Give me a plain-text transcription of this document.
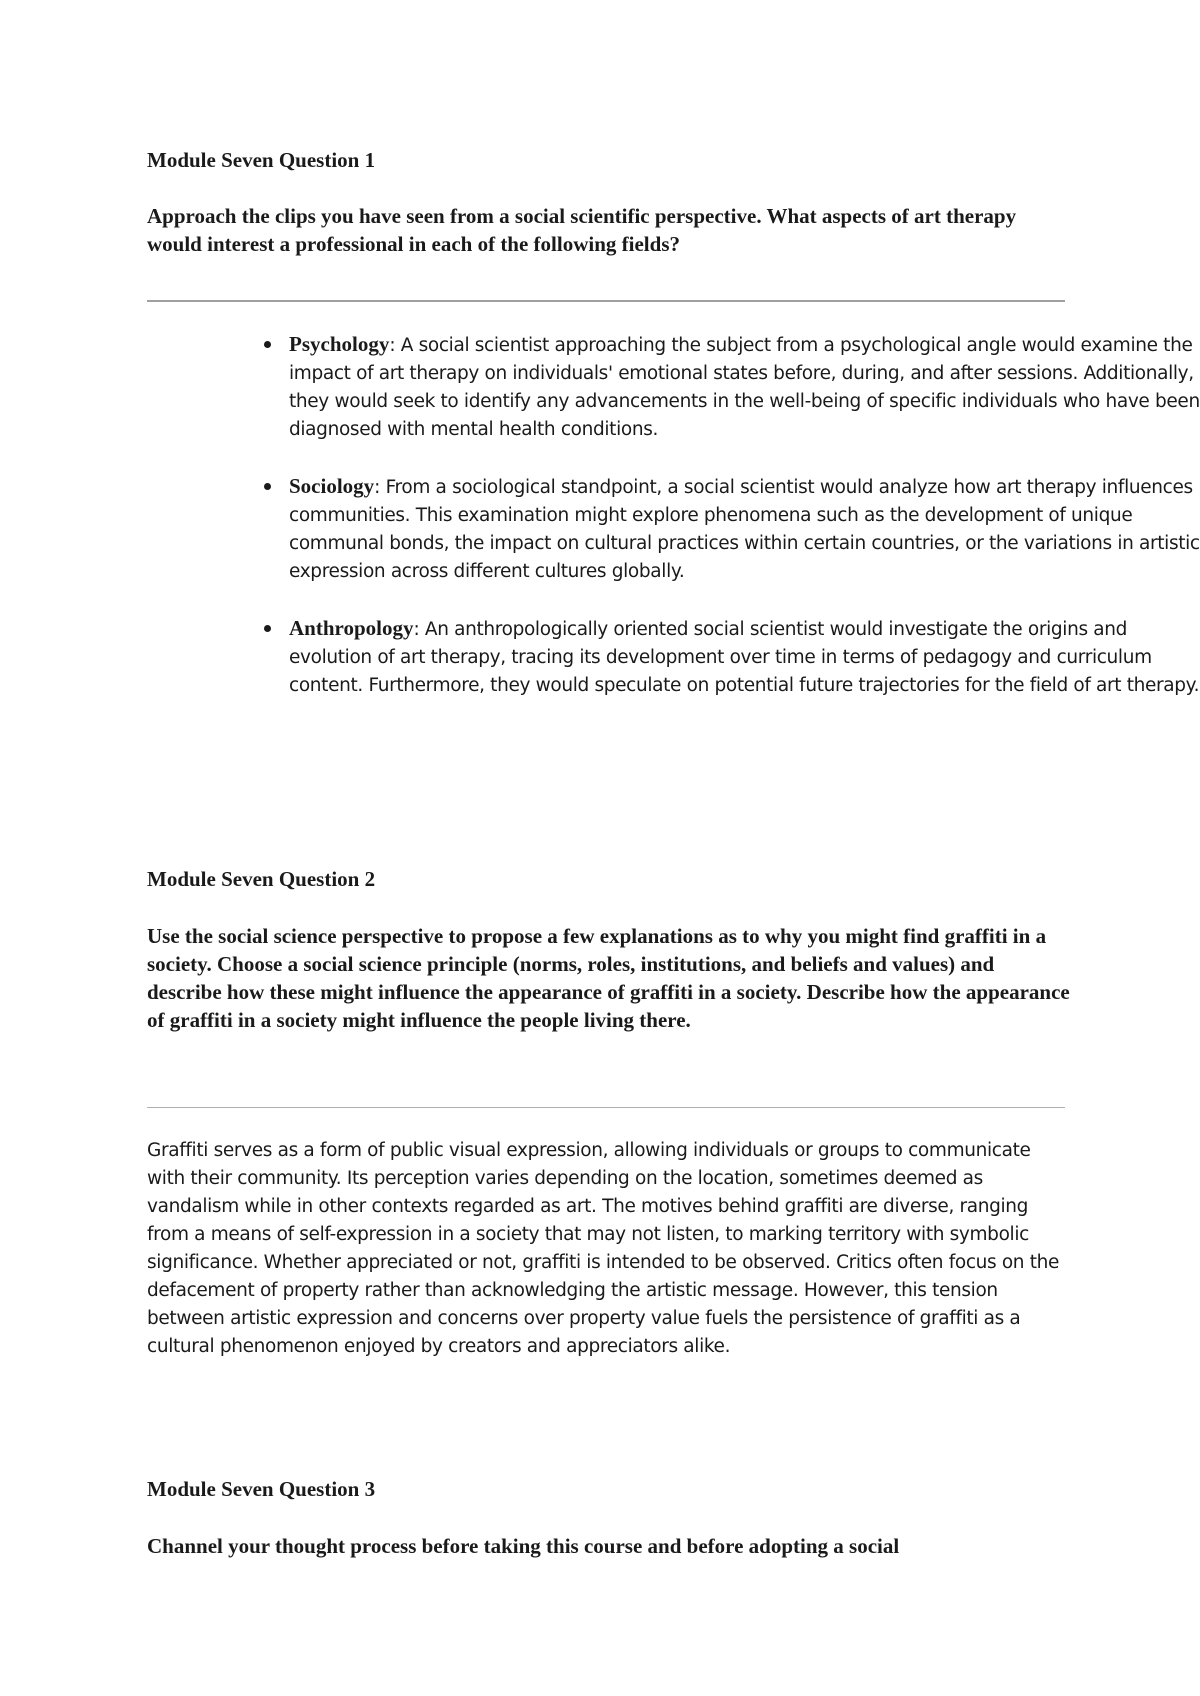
Module Seven Question 1
Approach the clips you have seen from a social scientific perspective. What aspects of art therapy would interest a professional in each of the following fields?
Psychology: A social scientist approaching the subject from a psychological angle would examine the impact of art therapy on individuals' emotional states before, during, and after sessions. Additionally, they would seek to identify any advancements in the well-being of specific individuals who have been diagnosed with mental health conditions.
Sociology: From a sociological standpoint, a social scientist would analyze how art therapy influences communities. This examination might explore phenomena such as the development of unique communal bonds, the impact on cultural practices within certain countries, or the variations in artistic expression across different cultures globally.
Anthropology: An anthropologically oriented social scientist would investigate the origins and evolution of art therapy, tracing its development over time in terms of pedagogy and curriculum content. Furthermore, they would speculate on potential future trajectories for the field of art therapy.
Module Seven Question 2
Use the social science perspective to propose a few explanations as to why you might find graffiti in a society. Choose a social science principle (norms, roles, institutions, and beliefs and values) and describe how these might influence the appearance of graffiti in a society. Describe how the appearance of graffiti in a society might influence the people living there.
Graffiti serves as a form of public visual expression, allowing individuals or groups to communicate with their community. Its perception varies depending on the location, sometimes deemed as vandalism while in other contexts regarded as art. The motives behind graffiti are diverse, ranging from a means of self-expression in a society that may not listen, to marking territory with symbolic significance. Whether appreciated or not, graffiti is intended to be observed. Critics often focus on the defacement of property rather than acknowledging the artistic message. However, this tension between artistic expression and concerns over property value fuels the persistence of graffiti as a cultural phenomenon enjoyed by creators and appreciators alike.
Module Seven Question 3
Channel your thought process before taking this course and before adopting a social
